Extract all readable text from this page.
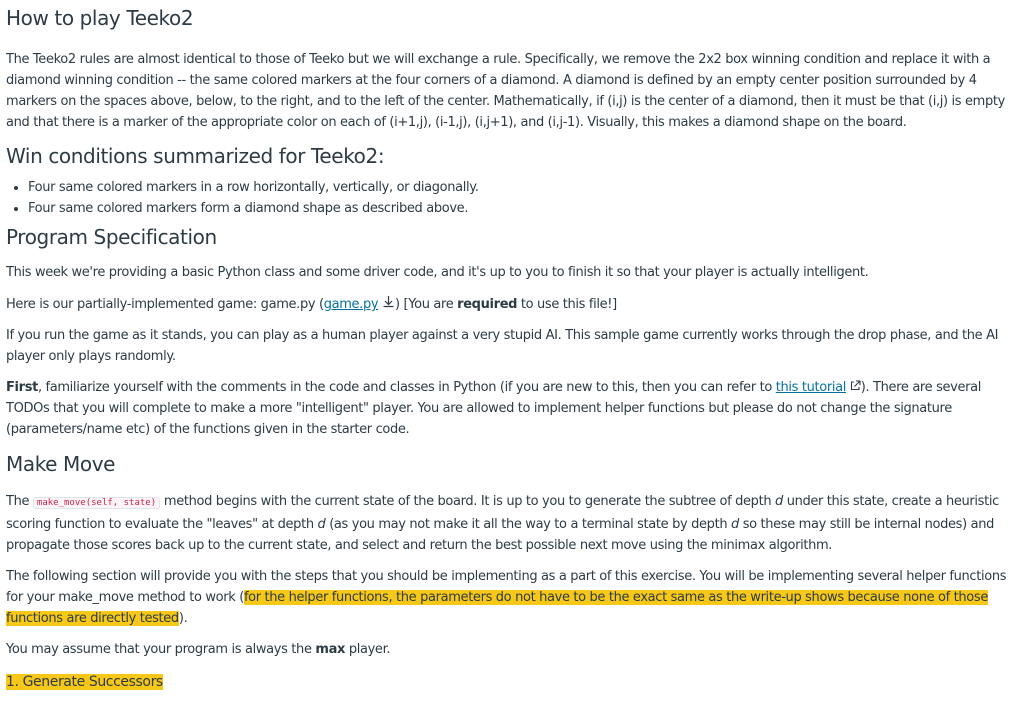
How to play Teeko2

The Teeko2 rules are almost identical to those of Teeko but we will exchange a rule. Specifically, we remove the 2x2 box winning condition and replace it with a diamond winning condition -- the same colored markers at the four corners of a diamond. A diamond is defined by an empty center position surrounded by 4 markers on the spaces above, below, to the right, and to the left of the center. Mathematically, if (i,j) is the center of a diamond, then it must be that (i,j) is empty and that there is a marker of the appropriate color on each of (i+1,j), (i-1,j), (i,j+1), and (i,j-1). Visually, this makes a diamond shape on the board.

Win conditions summarized for Teeko2:
• Four same colored markers in a row horizontally, vertically, or diagonally.
• Four same colored markers form a diamond shape as described above.
Program Specification

This week we're providing a basic Python class and some driver code, and it's up to you to finish it so that your player is actually intelligent.

Here is our partially-implemented game: game.py (game.py ) [You are required to use this file!]

If you run the game as it stands, you can play as a human player against a very stupid AI. This sample game currently works through the drop phase, and the AI player only plays randomly.

First, familiarize yourself with the comments in the code and classes in Python (if you are new to this, then you can refer to this tutorial ). There are several TODOs that you will complete to make a more "intelligent" player. You are allowed to implement helper functions but please do not change the signature (parameters/name etc) of the functions given in the starter code.

Make Move

The make_move(self, state) method begins with the current state of the board. It is up to you to generate the subtree of depth d under this state, create a heuristic scoring function to evaluate the "leaves" at depth d (as you may not make it all the way to a terminal state by depth d so these may still be internal nodes) and propagate those scores back up to the current state, and select and return the best possible next move using the minimax algorithm.

The following section will provide you with the steps that you should be implementing as a part of this exercise. You will be implementing several helper functions for your make_move method to work (for the helper functions, the parameters do not have to be the exact same as the write-up shows because none of those functions are directly tested).

You may assume that your program is always the max player.

1. Generate Successors
